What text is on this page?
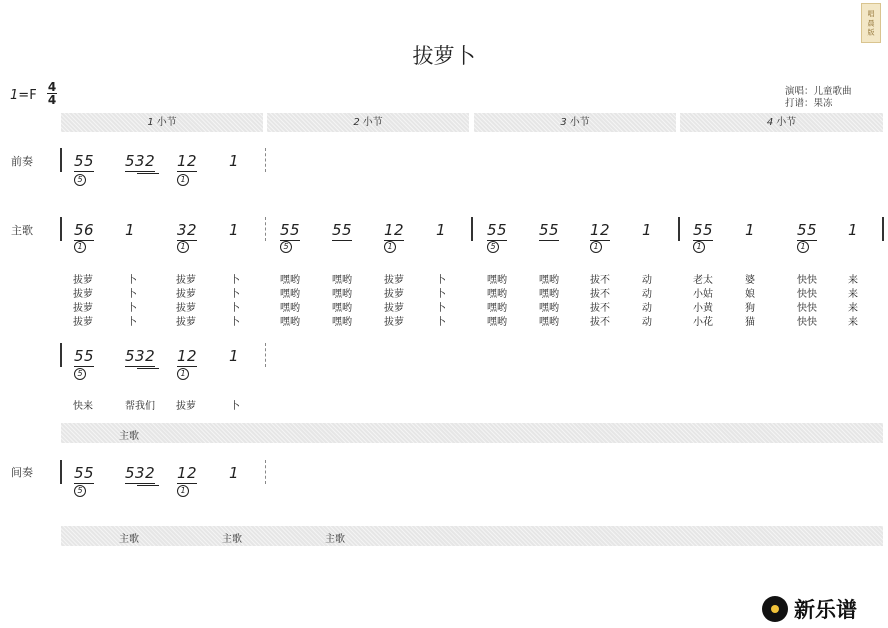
拔萝卜
唱 晨 版
1=F
4
4
演唱：儿童歌曲
打谱：果冻
1 小节	2 小节	3 小节	4 小节
前奏	55 532 12 1
5	1
主歌	56 1	32 1
1	1
55 55 12 1
5	1
55 55 12 1
5	1
55 1	55 1
1	1
拔萝	卜	拔萝	卜	嘿哟	嘿哟	拔萝	卜	嘿哟	嘿哟	拔不	动	老太	婆	快快	来
拔萝	卜	拔萝	卜	嘿哟	嘿哟	拔萝	卜	嘿哟	嘿哟	拔不	动	小姑	娘	快快	来
拔萝	卜	拔萝	卜	嘿哟	嘿哟	拔萝	卜	嘿哟	嘿哟	拔不	动	小黄	狗	快快	来
拔萝	卜	拔萝	卜	嘿哟	嘿哟	拔萝	卜	嘿哟	嘿哟	拔不	动	小花	猫	快快	来
55 532 12 1
5	1
快来	帮我们 拔萝	卜
主歌
间奏	55 532 12 1
5	1
主歌	主歌	主歌
新乐谱
